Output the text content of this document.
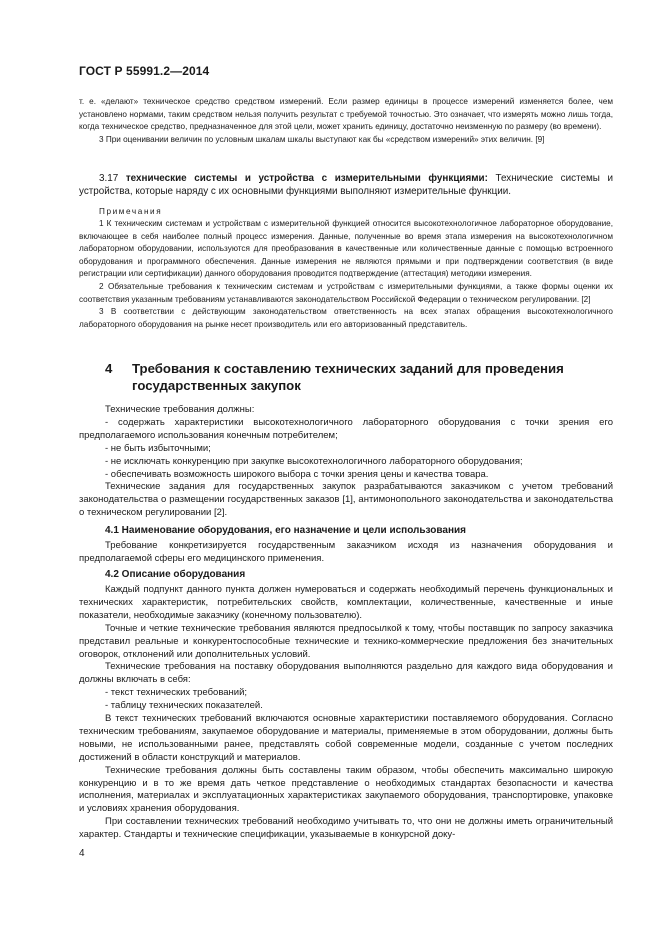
ГОСТ Р 55991.2—2014

т. е. «делают» техническое средство средством измерений. Если размер единицы в процессе измерений изменяется более, чем установлено нормами, таким средством нельзя получить результат с требуемой точностью. Это означает, что измерять можно лишь тогда, когда техническое средство, предназначенное для этой цели, может хранить единицу, достаточно неизменную по размеру (во времени).

3 При оценивании величин по условным шкалам шкалы выступают как бы «средством измерений» этих величин. [9]

3.17 технические системы и устройства с измерительными функциями: Технические системы и устройства, которые наряду с их основными функциями выполняют измерительные функции.

Примечания

1 К техническим системам и устройствам с измерительной функцией относится высокотехнологичное лабораторное оборудование, включающее в себя наиболее полный процесс измерения. Данные, полученные во время этапа измерения на высокотехнологичном лабораторном оборудовании, используются для преобразования в качественные или количественные данные с помощью встроенного оборудования и программного обеспечения. Данные измерения не являются прямыми и при подтверждении соответствия (в виде регистрации или сертификации) данного оборудования проводится подтверждение (аттестация) методики измерения.

2 Обязательные требования к техническим системам и устройствам с измерительными функциями, а также формы оценки их соответствия указанным требованиям устанавливаются законодательством Российской Федерации о техническом регулировании. [2]

3 В соответствии с действующим законодательством ответственность на всех этапах обращения высокотехнологичного лабораторного оборудования на рынке несет производитель или его авторизованный представитель.

4 Требования к составлению технических заданий для проведения государственных закупок

Технические требования должны:

- содержать характеристики высокотехнологичного лабораторного оборудования с точки зрения его предполагаемого использования конечным потребителем;

- не быть избыточными;

- не исключать конкуренцию при закупке высокотехнологичного лабораторного оборудования;

- обеспечивать возможность широкого выбора с точки зрения цены и качества товара.

Технические задания для государственных закупок разрабатываются заказчиком с учетом требований законодательства о размещении государственных заказов [1], антимонопольного законодательства и законодательства о техническом регулировании [2].

4.1 Наименование оборудования, его назначение и цели использования

Требование конкретизируется государственным заказчиком исходя из назначения оборудования и предполагаемой сферы его медицинского применения.

4.2 Описание оборудования

Каждый подпункт данного пункта должен нумероваться и содержать необходимый перечень функциональных и технических характеристик, потребительских свойств, комплектации, количественные, качественные и иные показатели, необходимые заказчику (конечному пользователю).

Точные и четкие технические требования являются предпосылкой к тому, чтобы поставщик по запросу заказчика представил реальные и конкурентоспособные технические и технико-коммерческие предложения без значительных оговорок, отклонений или дополнительных условий.

Технические требования на поставку оборудования выполняются раздельно для каждого вида оборудования и должны включать в себя:

- текст технических требований;

- таблицу технических показателей.

В текст технических требований включаются основные характеристики поставляемого оборудования. Согласно техническим требованиям, закупаемое оборудование и материалы, применяемые в этом оборудовании, должны быть новыми, не использованными ранее, представлять собой современные модели, созданные с учетом последних достижений в области конструкций и материалов.

Технические требования должны быть составлены таким образом, чтобы обеспечить максимально широкую конкуренцию и в то же время дать четкое представление о необходимых стандартах безопасности и качества исполнения, материалах и эксплуатационных характеристиках закупаемого оборудования, транспортировке, упаковке и условиях хранения оборудования.

При составлении технических требований необходимо учитывать то, что они не должны иметь ограничительный характер. Стандарты и технические спецификации, указываемые в конкурсной доку-

4
